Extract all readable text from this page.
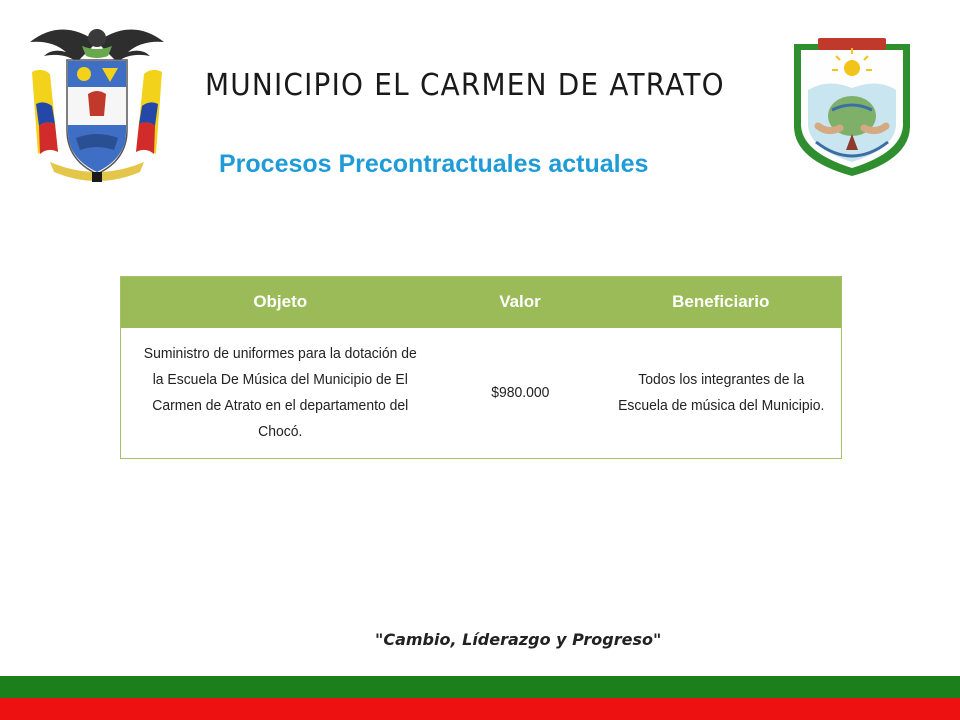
MUNICIPIO EL CARMEN DE ATRATO
Procesos Precontractuales actuales
Objeto	Valor	Beneficiario
Suministro de uniformes para la dotación de la Escuela De Música del Municipio de El Carmen de Atrato en el departamento del Chocó.	$980.000	Todos los integrantes de la Escuela de música del Municipio.
"Cambio, Líderazgo y Progreso"
